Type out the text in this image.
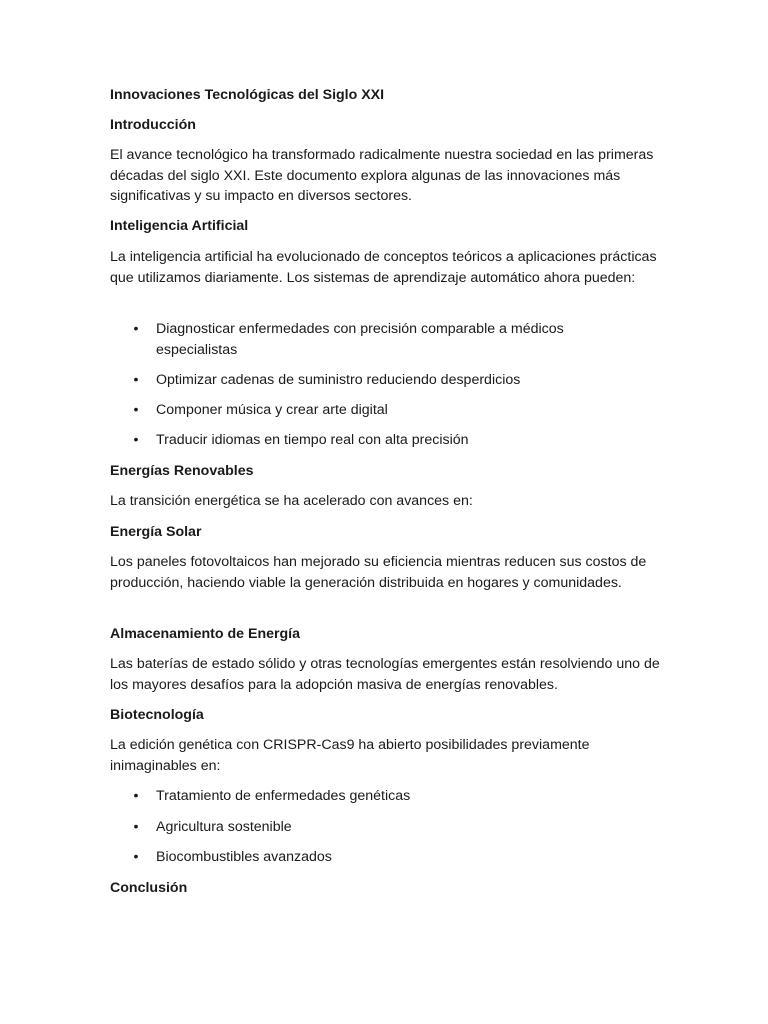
Innovaciones Tecnológicas del Siglo XXI

Introducción

El avance tecnológico ha transformado radicalmente nuestra sociedad en las primeras décadas del siglo XXI. Este documento explora algunas de las innovaciones más significativas y su impacto en diversos sectores.

Inteligencia Artificial

La inteligencia artificial ha evolucionado de conceptos teóricos a aplicaciones prácticas que utilizamos diariamente. Los sistemas de aprendizaje automático ahora pueden:

• Diagnosticar enfermedades con precisión comparable a médicos especialistas
• Optimizar cadenas de suministro reduciendo desperdicios
• Componer música y crear arte digital
• Traducir idiomas en tiempo real con alta precisión

Energías Renovables

La transición energética se ha acelerado con avances en:

Energía Solar

Los paneles fotovoltaicos han mejorado su eficiencia mientras reducen sus costos de producción, haciendo viable la generación distribuida en hogares y comunidades.

Almacenamiento de Energía

Las baterías de estado sólido y otras tecnologías emergentes están resolviendo uno de los mayores desafíos para la adopción masiva de energías renovables.

Biotecnología

La edición genética con CRISPR-Cas9 ha abierto posibilidades previamente inimaginables en:

• Tratamiento de enfermedades genéticas
• Agricultura sostenible
• Biocombustibles avanzados

Conclusión
